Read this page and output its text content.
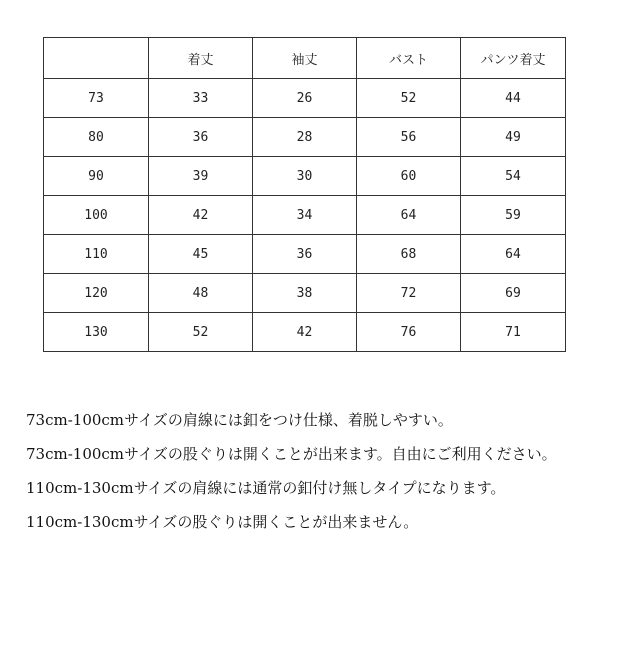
	着丈	袖丈	バスト	パンツ着丈
73	33	26	52	44
80	36	28	56	49
90	39	30	60	54
100	42	34	64	59
110	45	36	68	64
120	48	38	72	69
130	52	42	76	71
73cm-100cmサイズの肩線には釦をつけ仕様、着脱しやすい。
73cm-100cmサイズの股ぐりは開くことが出来ます。自由にご利用ください。
110cm-130cmサイズの肩線には通常の釦付け無しタイプになります。
110cm-130cmサイズの股ぐりは開くことが出来ません。
